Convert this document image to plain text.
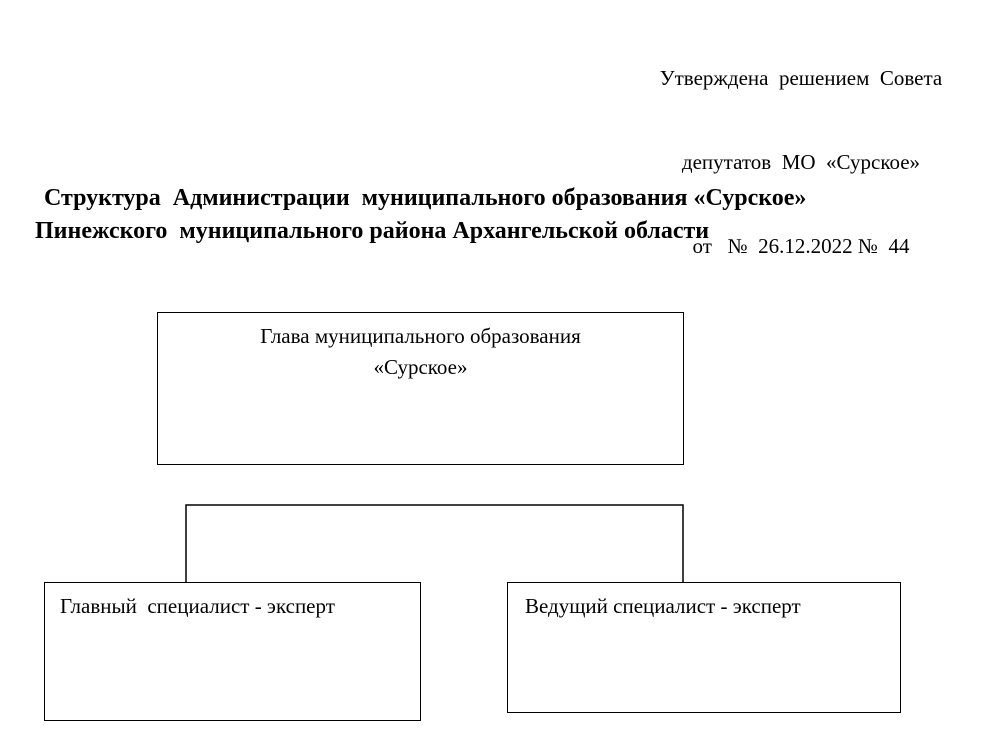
Утверждена  решением  Совета

депутатов  МО  «Сурское»

от   №  26.12.2022 №  44

Структура  Администрации  муниципального образования «Сурское»
Пинежского  муниципального района Архангельской области
Глава муниципального образования
«Сурское»
Главный  специалист - эксперт	Ведущий специалист - эксперт
